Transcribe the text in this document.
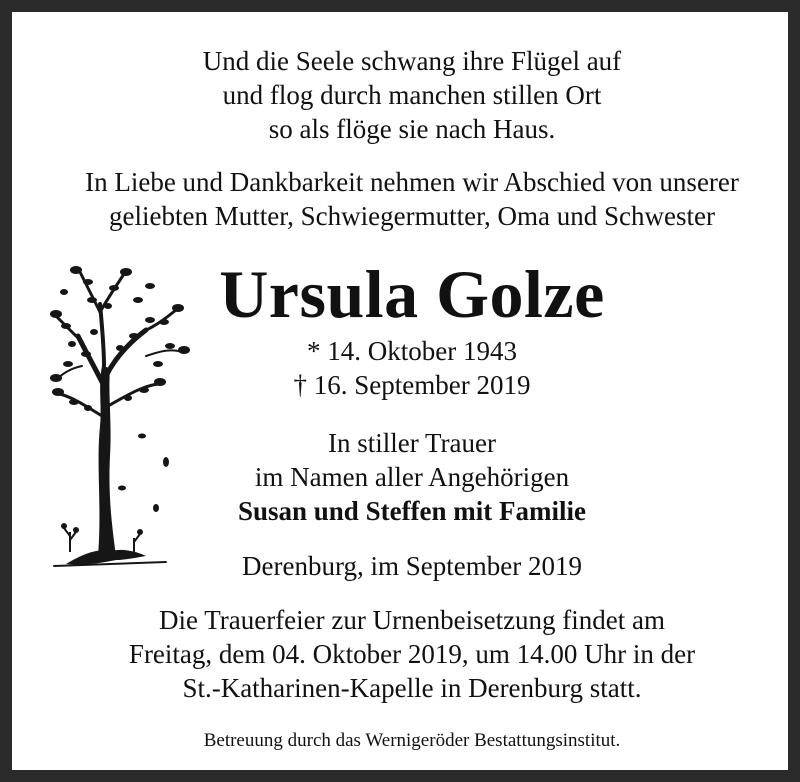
Und die Seele schwang ihre Flügel auf
und flog durch manchen stillen Ort
so als flöge sie nach Haus.
In Liebe und Dankbarkeit nehmen wir Abschied von unserer
geliebten Mutter, Schwiegermutter, Oma und Schwester
Ursula Golze
* 14. Oktober 1943
† 16. September 2019
In stiller Trauer
im Namen aller Angehörigen
Susan und Steffen mit Familie
Derenburg, im September 2019
Die Trauerfeier zur Urnenbeisetzung findet am
Freitag, dem 04. Oktober 2019, um 14.00 Uhr in der
St.-Katharinen-Kapelle in Derenburg statt.
Betreuung durch das Wernigeröder Bestattungsinstitut.
